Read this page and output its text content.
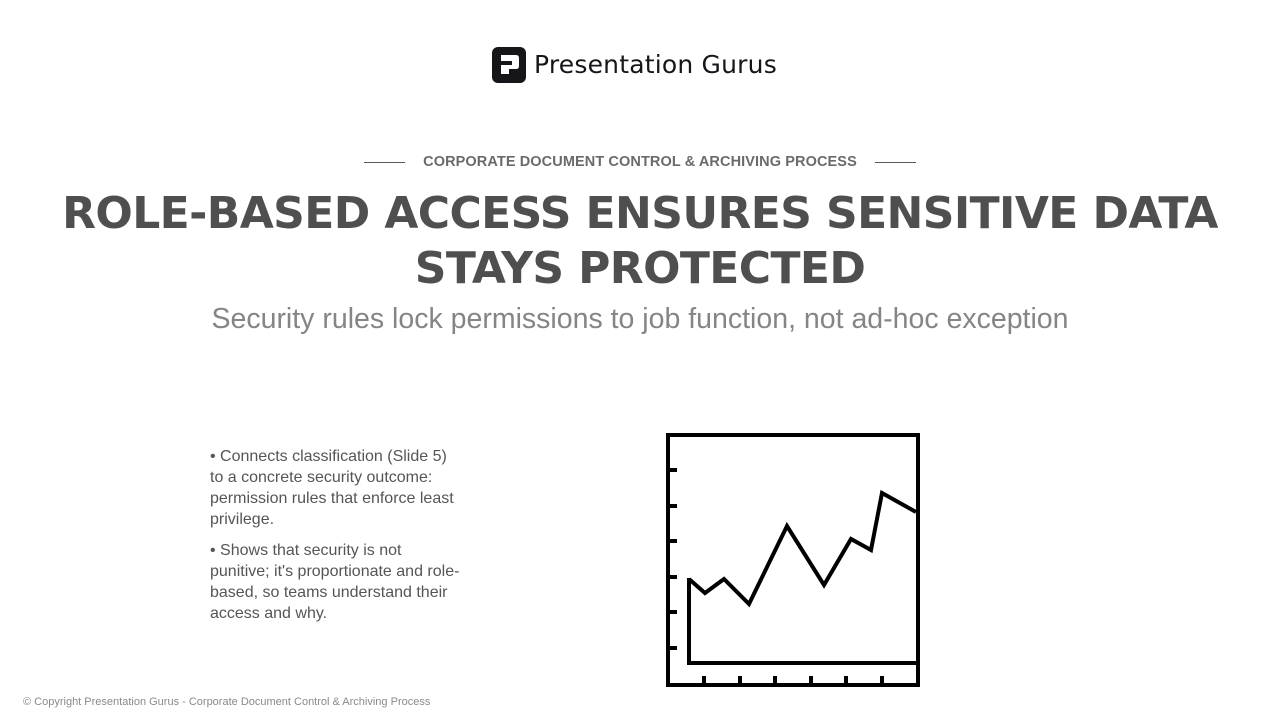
Presentation Gurus
CORPORATE DOCUMENT CONTROL & ARCHIVING PROCESS
ROLE-BASED ACCESS ENSURES SENSITIVE DATA STAYS PROTECTED

Security rules lock permissions to job function, not ad-hoc exception

• Connects classification (Slide 5) to a concrete security outcome: permission rules that enforce least privilege.

• Shows that security is not punitive; it's proportionate and role-based, so teams understand their access and why.

© Copyright Presentation Gurus - Corporate Document Control & Archiving Process
